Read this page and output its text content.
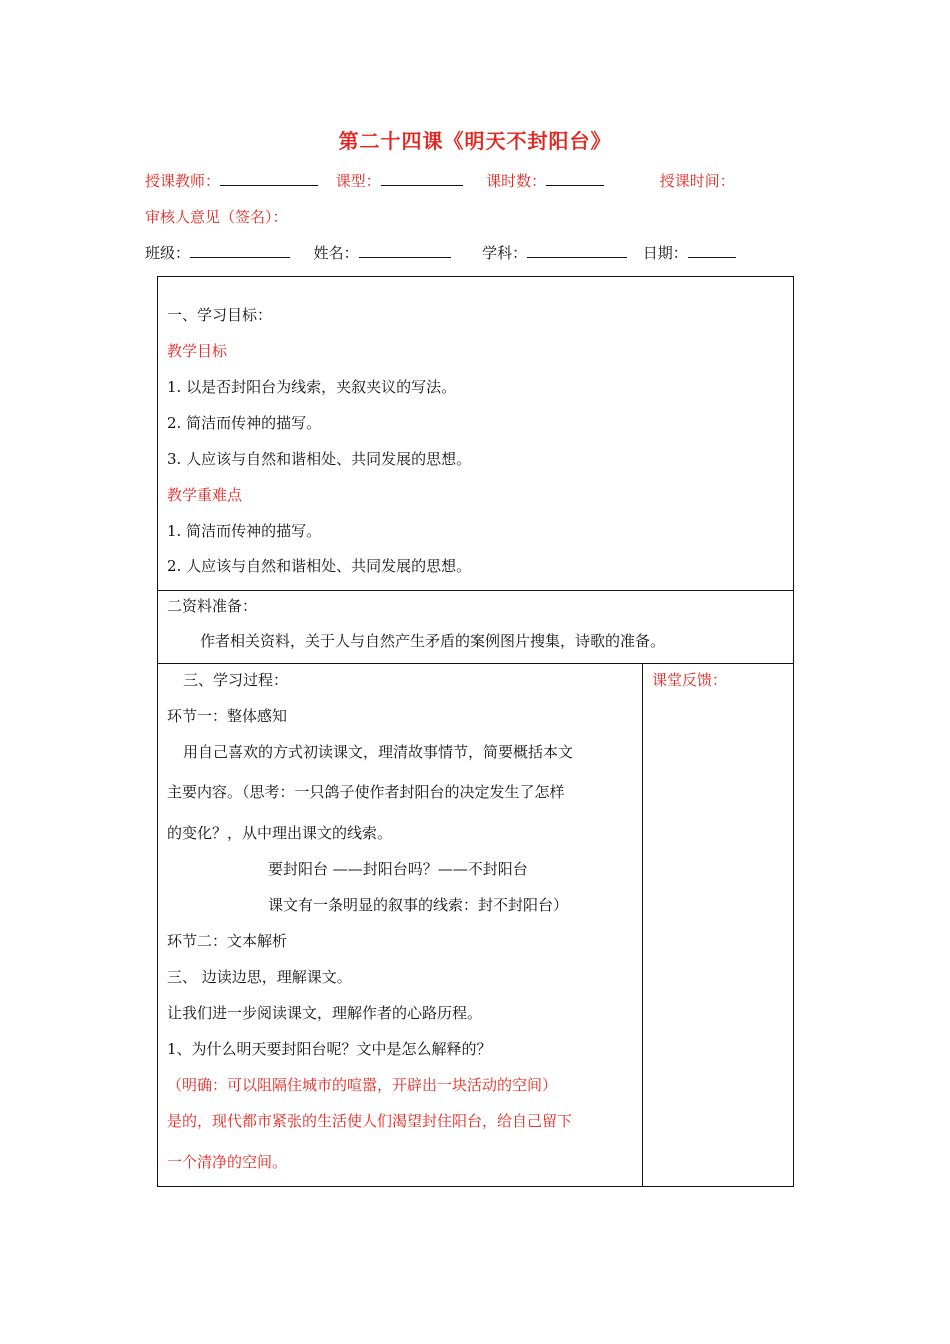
第二十四课《明天不封阳台》
授课教师：	课型：	课时数：	授课时间：
审核人意见（签名）：
班级：	姓名：	学科：	日期：
一、学习目标：
教学目标
1. 以是否封阳台为线索，夹叙夹议的写法。
2. 简洁而传神的描写。
3. 人应该与自然和谐相处、共同发展的思想。
教学重难点
1. 简洁而传神的描写。
2. 人应该与自然和谐相处、共同发展的思想。
二资料准备：
作者相关资料，关于人与自然产生矛盾的案例图片搜集，诗歌的准备。
三、学习过程：	课堂反馈：
环节一：整体感知
用自己喜欢的方式初读课文，理清故事情节，简要概括本文
主要内容。（思考：一只鸽子使作者封阳台的决定发生了怎样
的变化？，从中理出课文的线索。
要封阳台 ——封阳台吗？——不封阳台
课文有一条明显的叙事的线索：封不封阳台）
环节二：文本解析
三、 边读边思，理解课文。
让我们进一步阅读课文，理解作者的心路历程。
1、为什么明天要封阳台呢？文中是怎么解释的？
（明确：可以阻隔住城市的喧嚣，开辟出一块活动的空间）
是的，现代都市紧张的生活使人们渴望封住阳台，给自己留下
一个清净的空间。
